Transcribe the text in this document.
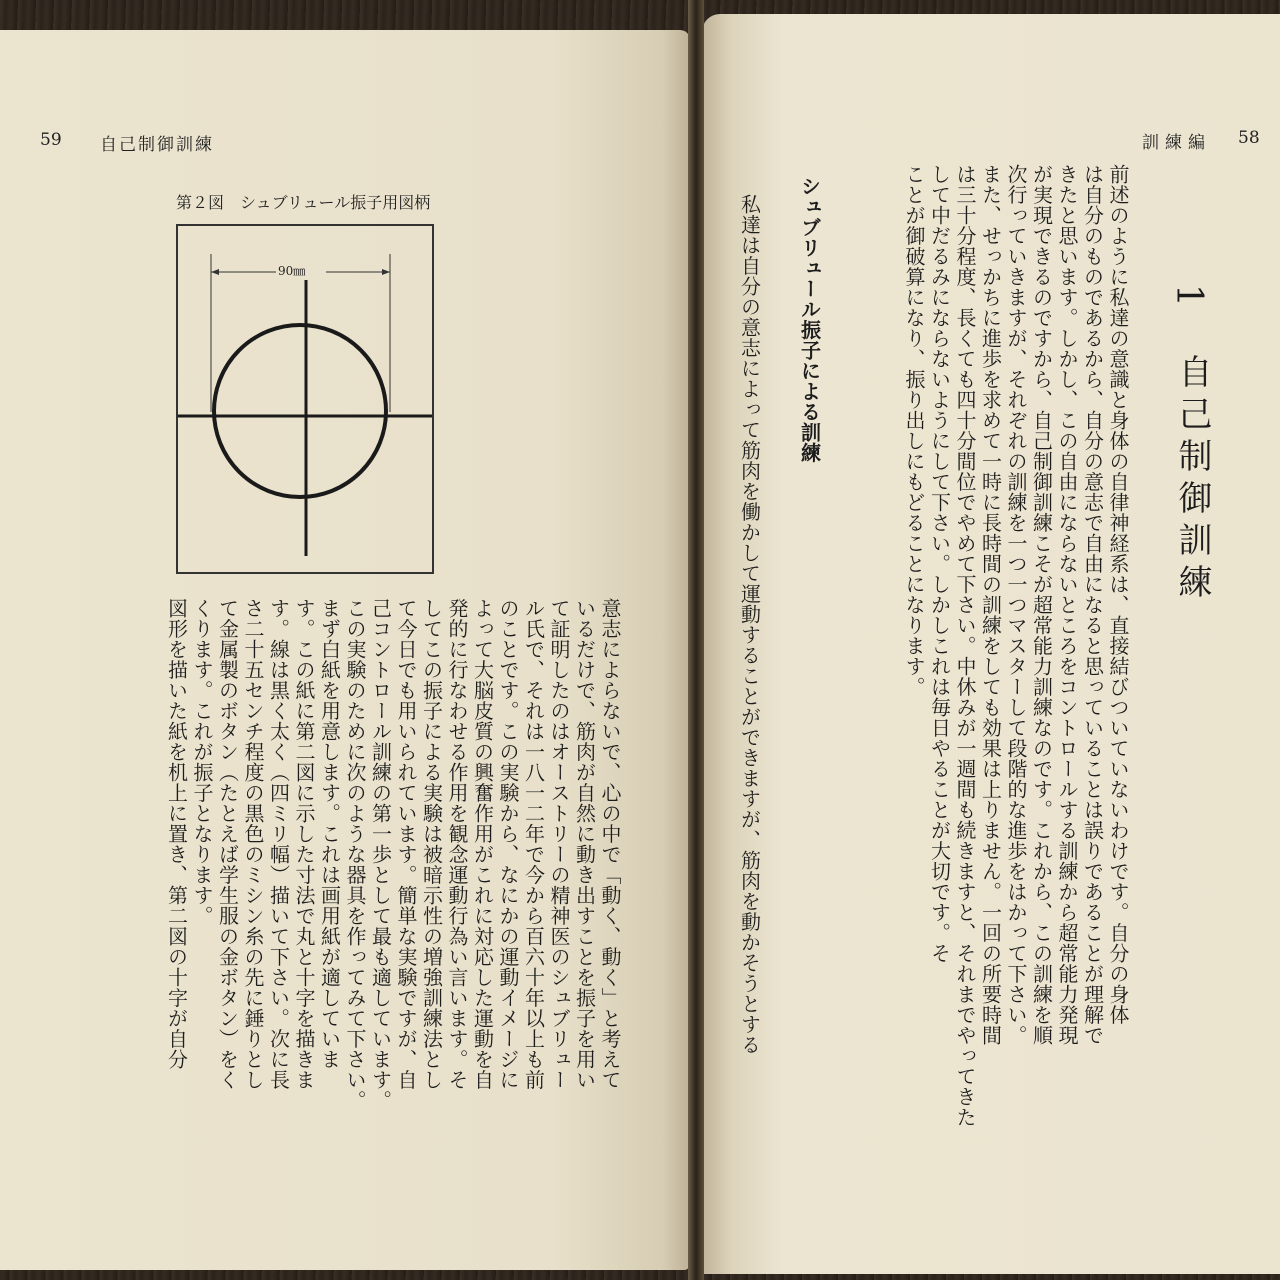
59 自己制御訓練
第２図　シュブリュール振子用図柄
90㎜

意志によらないで、心の中で「動く、動く」と考えて

いるだけで、筋肉が自然に動き出すことを振子を用い

て証明したのはオーストリーの精神医のシュブリュー

ル氏で、それは一八一二年で今から百六十年以上も前

のことです。この実験から、なにかの運動イメージに

よって大脳皮質の興奮作用がこれに対応した運動を自

発的に行なわせる作用を観念運動行為い言います。そ

してこの振子による実験は被暗示性の増強訓練法とし

て今日でも用いられています。簡単な実験ですが、自

己コントロール訓練の第一歩として最も適しています。

この実験のために次のような器具を作ってみて下さい。

まず白紙を用意します。これは画用紙が適していま

す。この紙に第二図に示した寸法で丸と十字を描きま

す。線は黒く太く（四ミリ幅）描いて下さい。次に長

さ二十五センチ程度の黒色のミシン糸の先に錘りとし

て金属製のボタン（たとえば学生服の金ボタン）をく

くります。これが振子となります。

図形を描いた紙を机上に置き、第二図の十字が自分

訓練編 58
1
自己制御訓練

前述のように私達の意識と身体の自律神経系は、直接結びついていないわけです。自分の身体

は自分のものであるから、自分の意志で自由になると思っていることは誤りであることが理解で

きたと思います。しかし、この自由にならないところをコントロールする訓練から超常能力発現

が実現できるのですから、自己制御訓練こそが超常能力訓練なのです。これから、この訓練を順

次行っていきますが、それぞれの訓練を一つ一つマスターして段階的な進歩をはかって下さい。

また、せっかちに進歩を求めて一時に長時間の訓練をしても効果は上りません。一回の所要時間

は三十分程度、長くても四十分間位でやめて下さい。中休みが一週間も続きますと、それまでやってきた

して中だるみにならないようにして下さい。しかしこれは毎日やることが大切です。そ

ことが御破算になり、振り出しにもどることになります。

シュブリュール振子による訓練

私達は自分の意志によって筋肉を働かして運動することができますが、筋肉を動かそうとする
